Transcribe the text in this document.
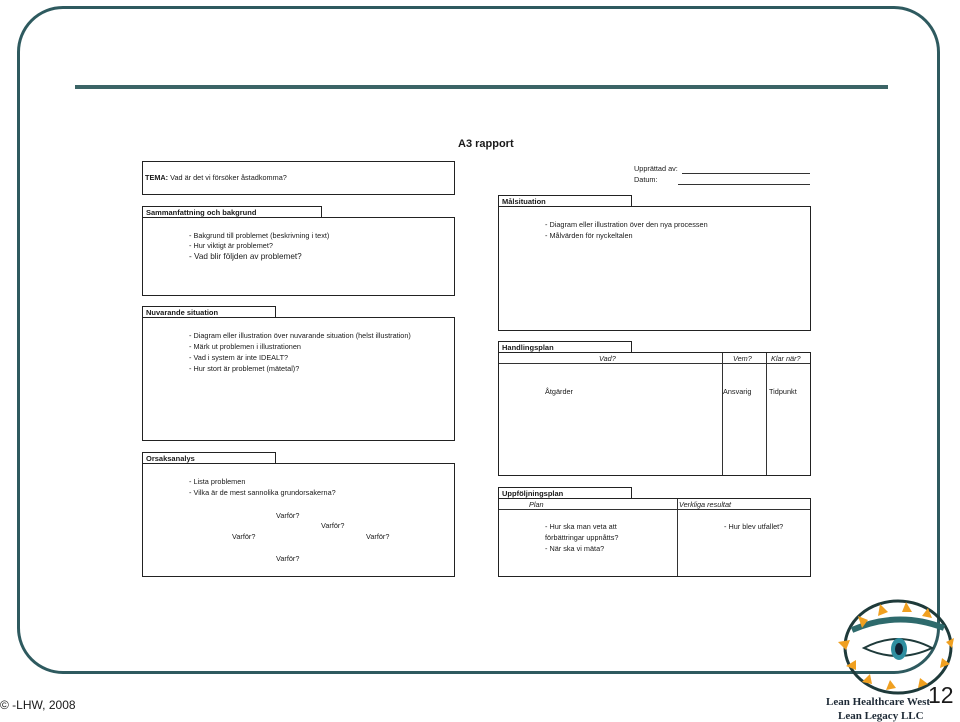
A3 rapport
Upprättad av:
Datum:
TEMA: Vad är det vi försöker åstadkomma?
Sammanfattning och bakgrund
- Bakgrund till problemet (beskrivning i text)
- Hur viktigt är problemet?
- Vad blir följden av problemet?
Nuvarande situation
- Diagram eller illustration över nuvarande situation (helst illustration)
- Märk ut problemen i illustrationen
- Vad i system är inte IDEALT?
- Hur stort är problemet (mätetal)?
Orsaksanalys
- Lista problemen
- Vilka är de mest sannolika grundorsakerna?
Varför?
Varför?
Varför?	Varför?
Varför?
Målsituation
- Diagram eller illustration över den nya processen
- Målvärden för nyckeltalen
Handlingsplan
Vad?	Vem?	Klar när?
Åtgärder	Ansvarig Tidpunkt
Uppföljningsplan
Plan	Verkliga resultat
- Hur ska man veta att
förbättringar uppnåtts?
- När ska vi mäta?
- Hur blev utfallet?
Lean Healthcare West
Lean Legacy LLC
© -LHW, 2008	12
